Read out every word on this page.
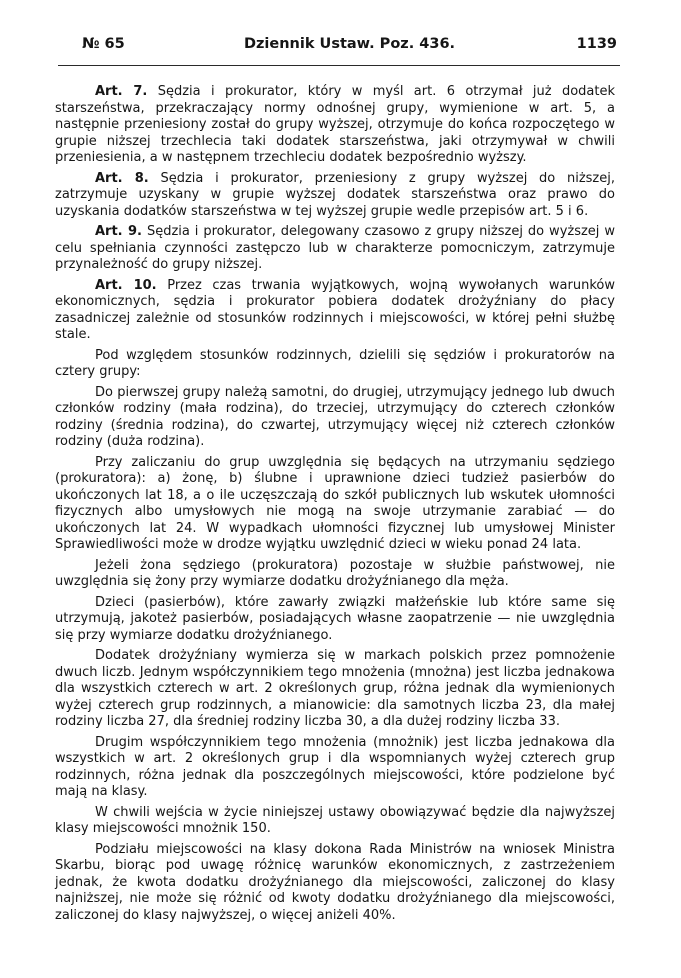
№ 65	Dziennik Ustaw. Poz. 436.	1139

Art. 7. Sędzia i prokurator, który w myśl art. 6 otrzymał już dodatek starszeństwa, przekraczający normy odnośnej grupy, wymienione w art. 5, a następnie przeniesiony został do grupy wyższej, otrzymuje do końca rozpoczętego w grupie niższej trzechlecia taki dodatek starszeństwa, jaki otrzymywał w chwili przeniesienia, a w następnem trzechleciu dodatek bezpośrednio wyższy.

Art. 8. Sędzia i prokurator, przeniesiony z grupy wyższej do niższej, zatrzymuje uzyskany w grupie wyższej dodatek starszeństwa oraz prawo do uzyskania dodatków starszeństwa w tej wyższej grupie wedle przepisów art. 5 i 6.

Art. 9. Sędzia i prokurator, delegowany czasowo z grupy niższej do wyższej w celu spełniania czynności zastępczo lub w charakterze pomocniczym, zatrzymuje przynależność do grupy niższej.

Art. 10. Przez czas trwania wyjątkowych, wojną wywołanych warunków ekonomicznych, sędzia i prokurator pobiera dodatek drożyźniany do płacy zasadniczej zależnie od stosunków rodzinnych i miejscowości, w której pełni służbę stale.

Pod względem stosunków rodzinnych, dzielili się sędziów i prokuratorów na cztery grupy:

Do pierwszej grupy należą samotni, do drugiej, utrzymujący jednego lub dwuch członków rodziny (mała rodzina), do trzeciej, utrzymujący do czterech członków rodziny (średnia rodzina), do czwartej, utrzymujący więcej niż czterech członków rodziny (duża rodzina).

Przy zaliczaniu do grup uwzględnia się będących na utrzymaniu sędziego (prokuratora): a) żonę, b) ślubne i uprawnione dzieci tudzież pasierbów do ukończonych lat 18, a o ile uczęszczają do szkół publicznych lub wskutek ułomności fizycznych albo umysłowych nie mogą na swoje utrzymanie zarabiać — do ukończonych lat 24. W wypadkach ułomności fizycznej lub umysłowej Minister Sprawiedliwości może w drodze wyjątku uwzlędnić dzieci w wieku ponad 24 lata.

Jeżeli żona sędziego (prokuratora) pozostaje w służbie państwowej, nie uwzględnia się żony przy wymiarze dodatku drożyźnianego dla męża.

Dzieci (pasierbów), które zawarły związki małżeńskie lub które same się utrzymują, jakoteż pasierbów, posiadających własne zaopatrzenie — nie uwzględnia się przy wymiarze dodatku drożyźnianego.

Dodatek drożyźniany wymierza się w markach polskich przez pomnożenie dwuch liczb. Jednym współczynnikiem tego mnożenia (mnożna) jest liczba jednakowa dla wszystkich czterech w art. 2 określonych grup, różna jednak dla wymienionych wyżej czterech grup rodzinnych, a mianowicie: dla samotnych liczba 23, dla małej rodziny liczba 27, dla średniej rodziny liczba 30, a dla dużej rodziny liczba 33.

Drugim współczynnikiem tego mnożenia (mnożnik) jest liczba jednakowa dla wszystkich w art. 2 określonych grup i dla wspomnianych wyżej czterech grup rodzinnych, różna jednak dla poszczególnych miejscowości, które podzielone być mają na klasy.

W chwili wejścia w życie niniejszej ustawy obowiązywać będzie dla najwyższej klasy miejscowości mnożnik 150.

Podziału miejscowości na klasy dokona Rada Ministrów na wniosek Ministra Skarbu, biorąc pod uwagę różnicę warunków ekonomicznych, z zastrzeżeniem jednak, że kwota dodatku drożyźnianego dla miejscowości, zaliczonej do klasy najniższej, nie może się różnić od kwoty dodatku drożyźnianego dla miejscowości, zaliczonej do klasy najwyższej, o więcej aniżeli 40%.
